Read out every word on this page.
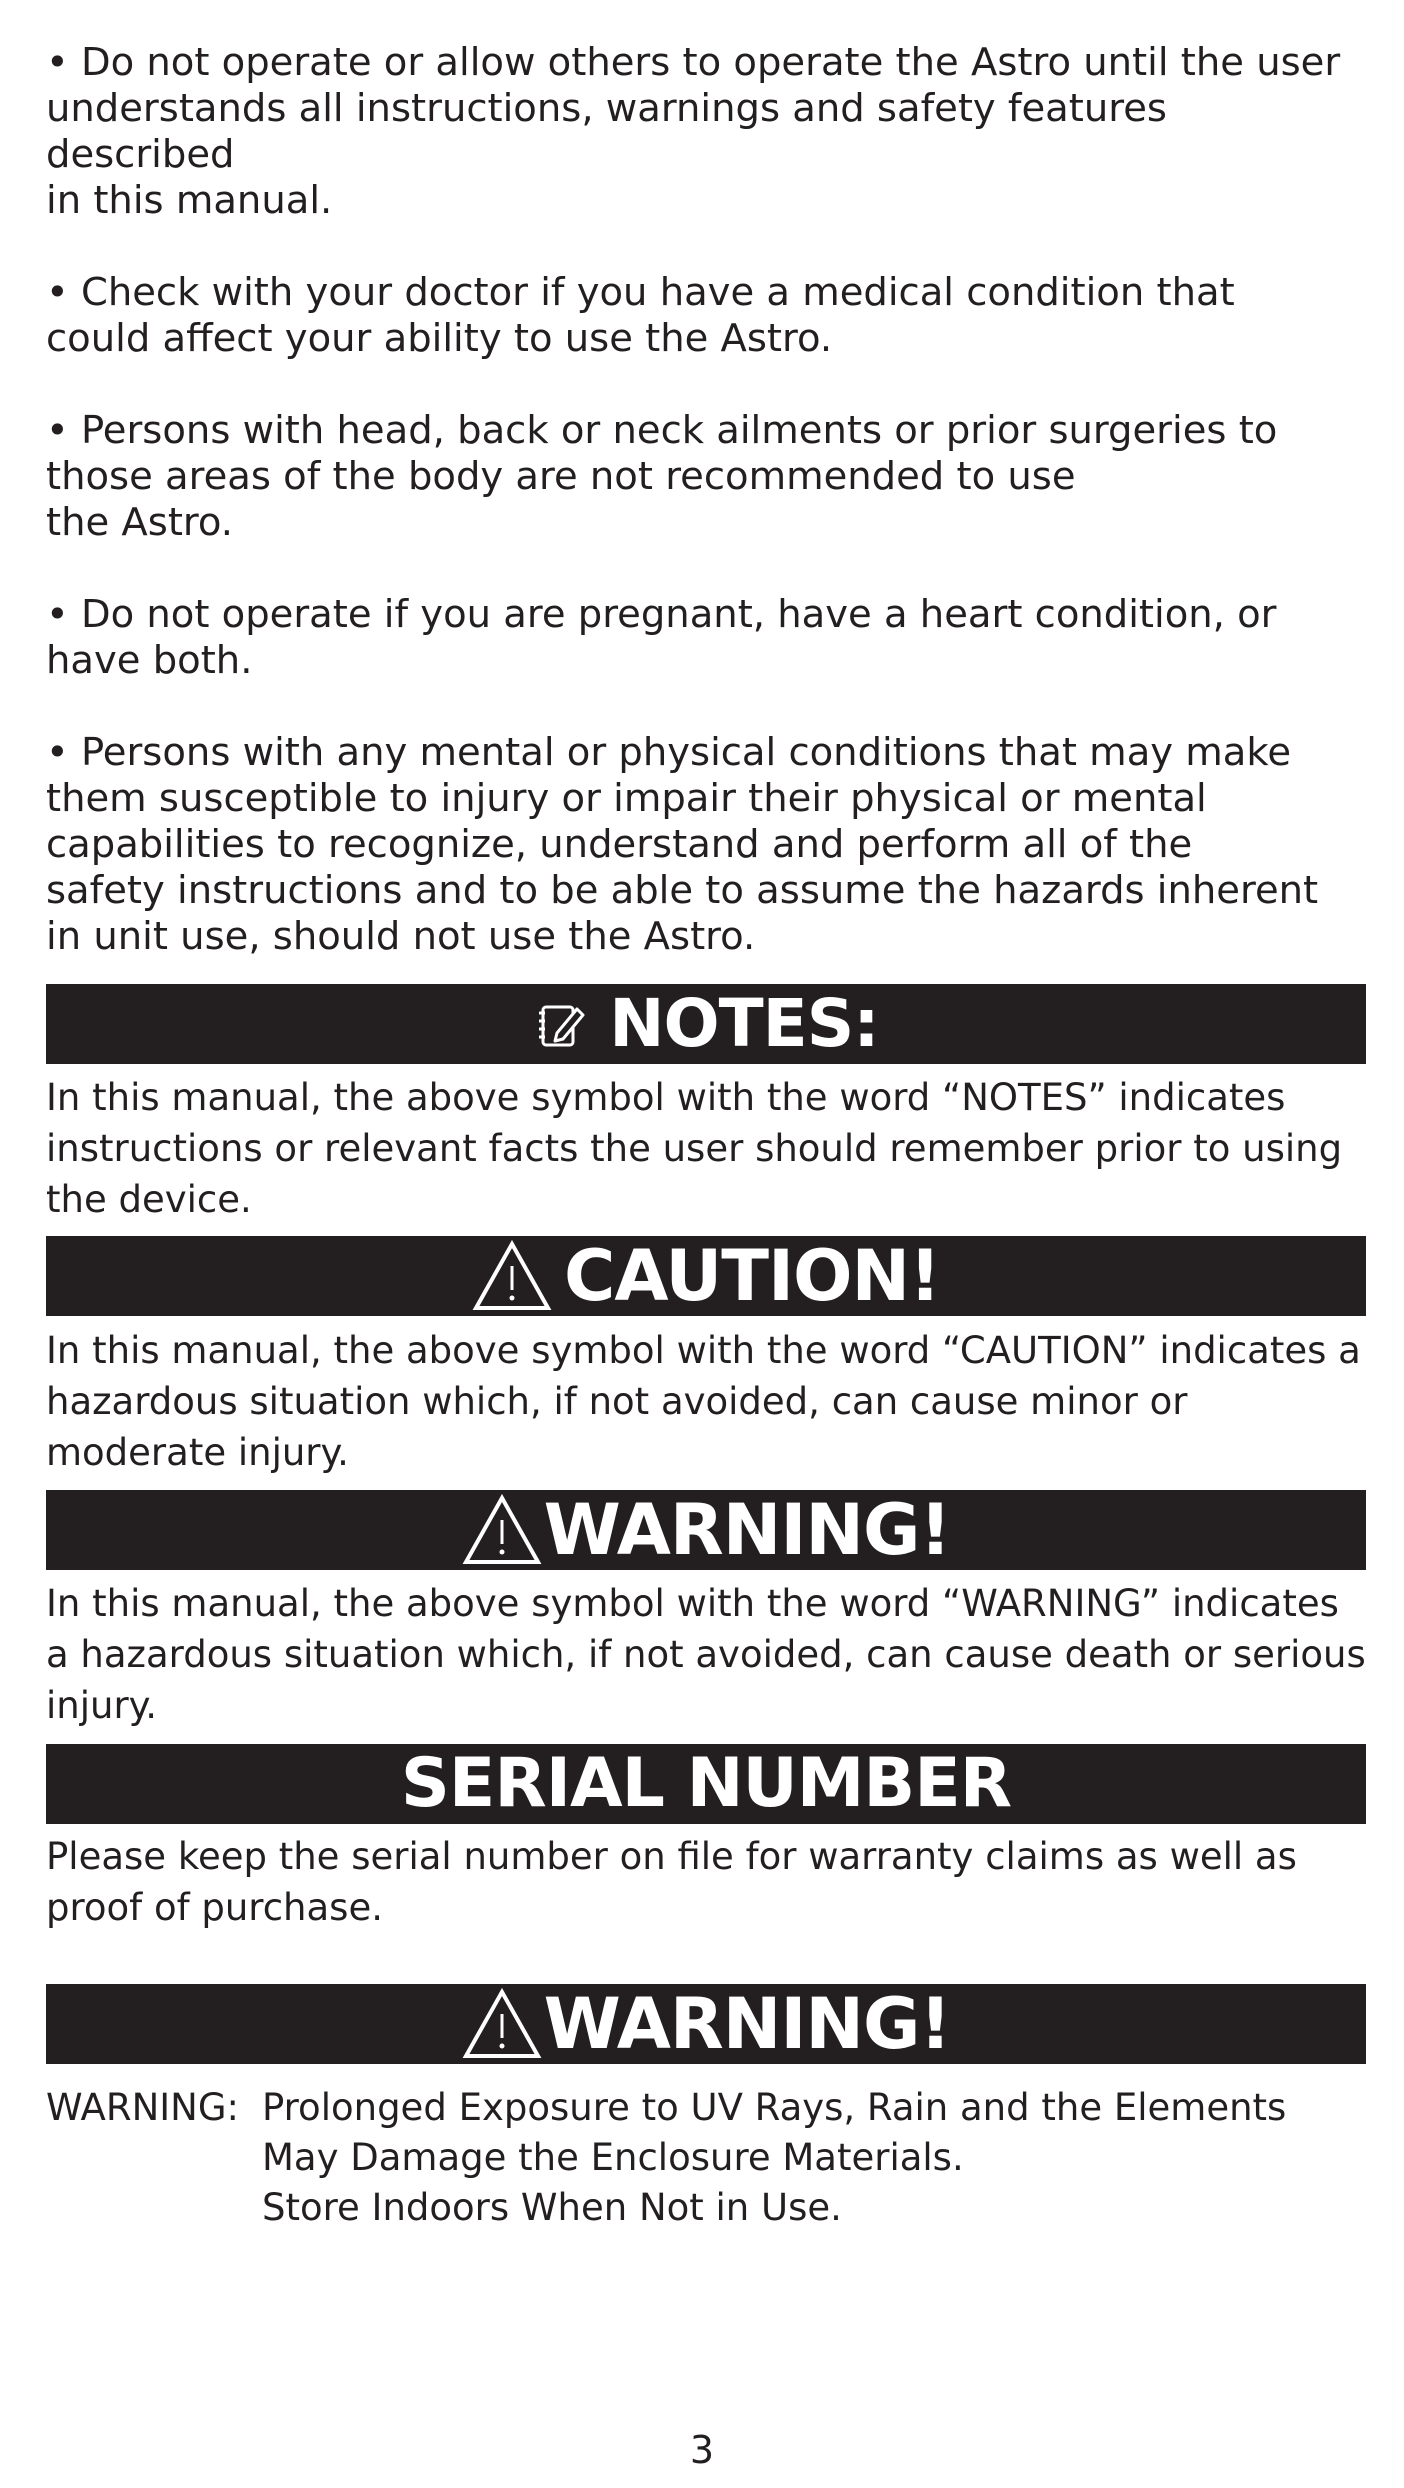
• Do not operate or allow others to operate the Astro until the user
understands all instructions, warnings and safety features described
in this manual.

• Check with your doctor if you have a medical condition that
could affect your ability to use the Astro.

• Persons with head, back or neck ailments or prior surgeries to
those areas of the body are not recommended to use
the Astro.

• Do not operate if you are pregnant, have a heart condition, or
have both.

• Persons with any mental or physical conditions that may make
them susceptible to injury or impair their physical or mental
capabilities to recognize, understand and perform all of the
safety instructions and to be able to assume the hazards inherent
in unit use, should not use the Astro.

NOTES:

In this manual, the above symbol with the word “NOTES” indicates instructions or relevant facts the user should remember prior to using the device.

CAUTION!

In this manual, the above symbol with the word “CAUTION” indicates a hazardous situation which, if not avoided, can cause minor or moderate injury.

WARNING!

In this manual, the above symbol with the word “WARNING” indicates a hazardous situation which, if not avoided, can cause death or serious injury.

SERIAL NUMBER

Please keep the serial number on file for warranty claims as well as proof of purchase.

WARNING!
WARNING: Prolonged Exposure to UV Rays, Rain and the Elements
May Damage the Enclosure Materials.
Store Indoors When Not in Use.
3
